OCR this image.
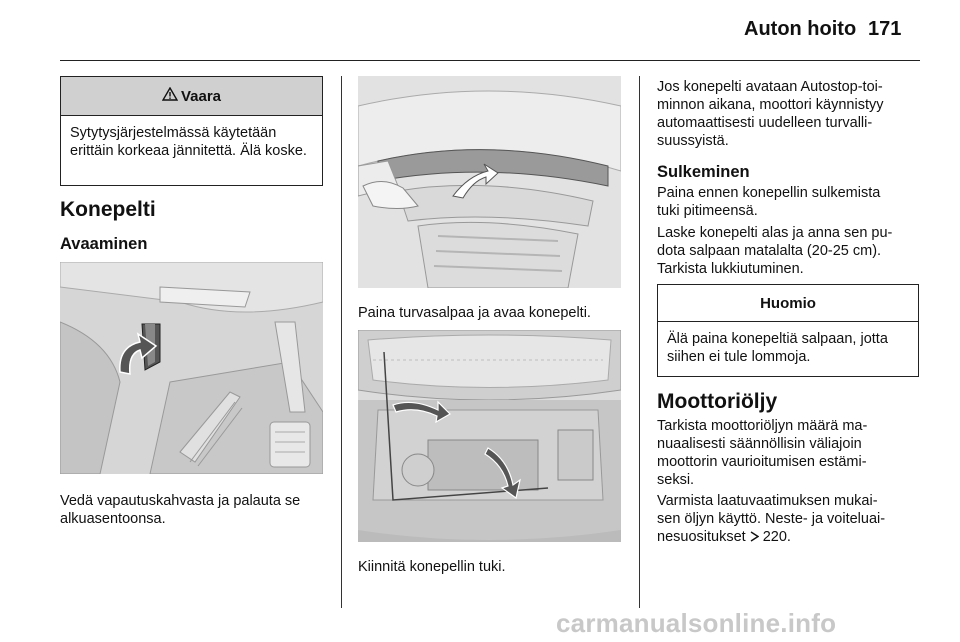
Auton hoito 171
Vaara
Sytytysjärjestelmässä käytetään erittäin korkeaa jännitettä. Älä koske.
Konepelti
Avaaminen
Vedä vapautuskahvasta ja palauta se
alkuasentoonsa.
Paina turvasalpaa ja avaa konepelti.
Kiinnitä konepellin tuki.
Jos konepelti avataan Autostop-toi-
minnon aikana, moottori käynnistyy
automaattisesti uudelleen turvalli-
suussyistä.
Sulkeminen
Paina ennen konepellin sulkemista
tuki pitimeensä.
Laske konepelti alas ja anna sen pu-
dota salpaan matalalta (20-25 cm).
Tarkista lukkiutuminen.
Huomio
Älä paina konepeltiä salpaan, jotta siihen ei tule lommoja.
Moottoriöljy
Tarkista moottoriöljyn määrä ma-
nuaalisesti säännöllisin väliajoin
moottorin vaurioitumisen estämi-
seksi.
Varmista laatuvaatimuksen mukai-
sen öljyn käyttö. Neste- ja voiteluai-
nesuositukset 220.
carmanualsonline.info
